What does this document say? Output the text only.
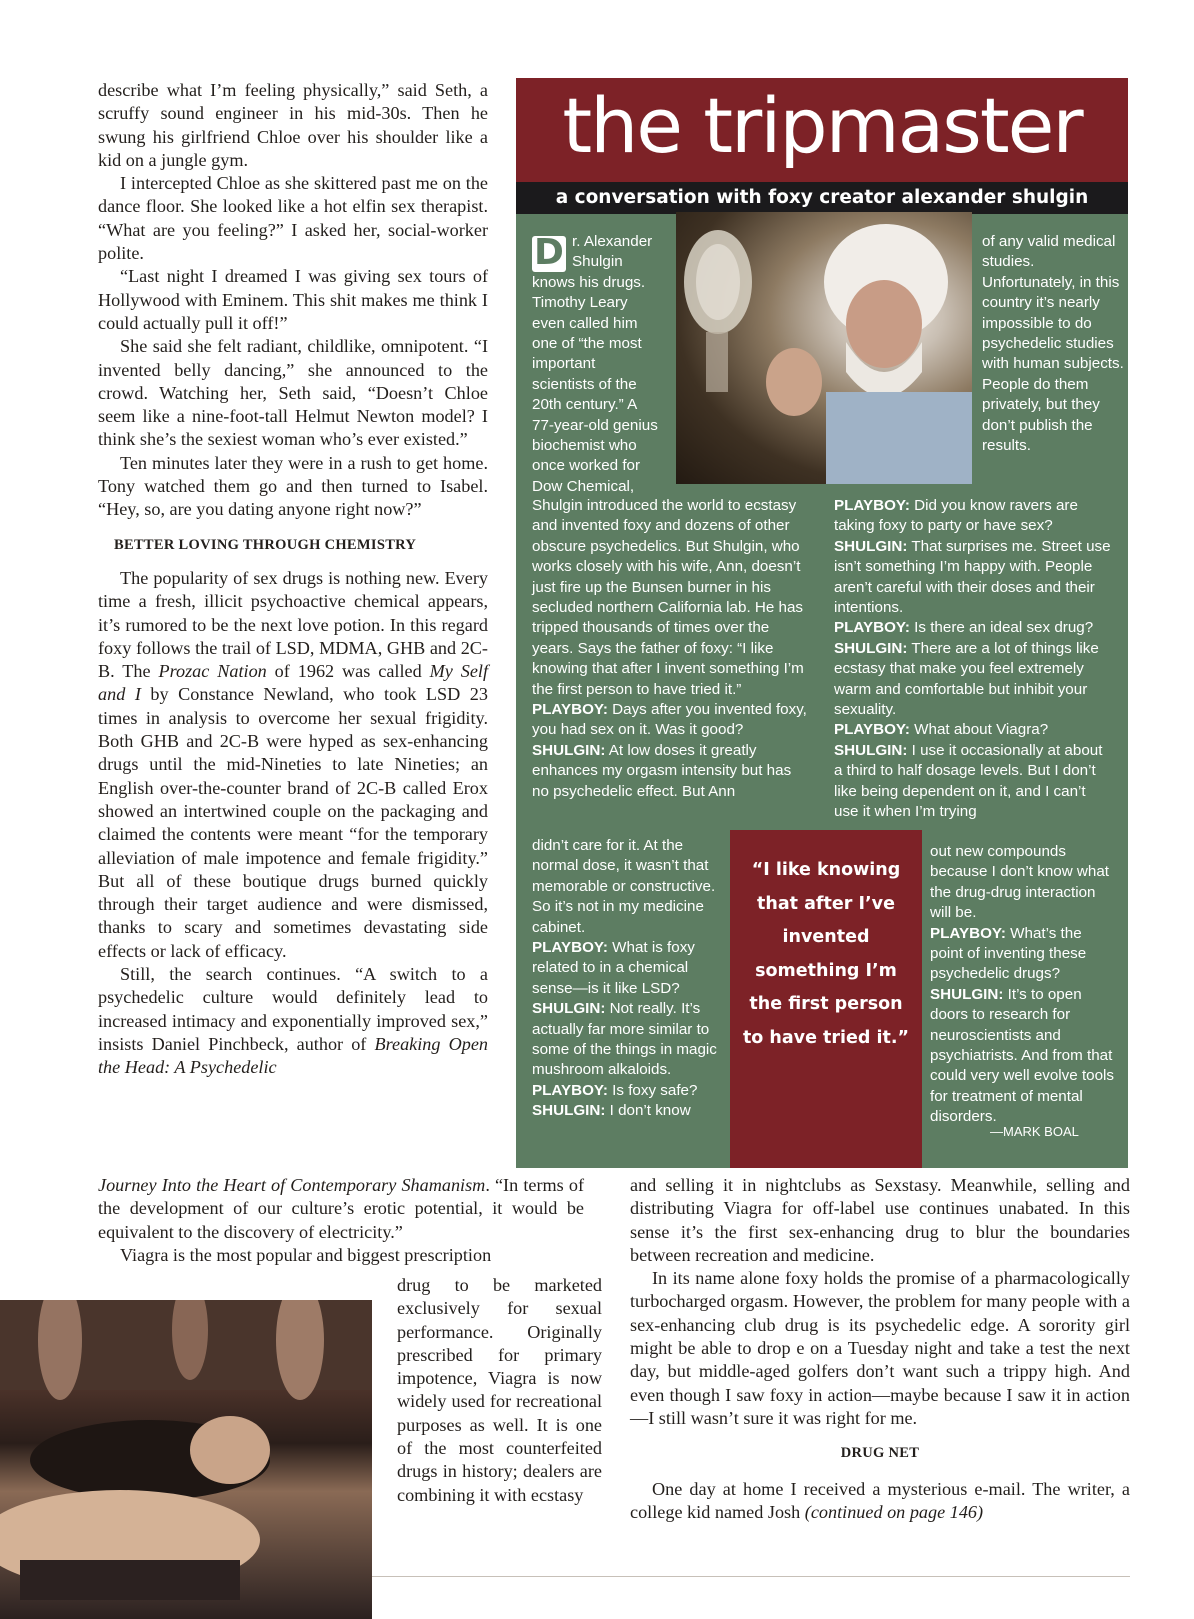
describe what I’m feeling physically,” said Seth, a scruffy sound engineer in his mid-30s. Then he swung his girlfriend Chloe over his shoulder like a kid on a jungle gym.

I intercepted Chloe as she skittered past me on the dance floor. She looked like a hot elfin sex therapist. “What are you feeling?” I asked her, social-worker polite.

“Last night I dreamed I was giving sex tours of Hollywood with Eminem. This shit makes me think I could actually pull it off!”

She said she felt radiant, childlike, omnipotent. “I invented belly dancing,” she announced to the crowd. Watching her, Seth said, “Doesn’t Chloe seem like a nine-foot-tall Helmut Newton model? I think she’s the sexiest woman who’s ever existed.”

Ten minutes later they were in a rush to get home. Tony watched them go and then turned to Isabel. “Hey, so, are you dating anyone right now?”

BETTER LOVING THROUGH CHEMISTRY

The popularity of sex drugs is nothing new. Every time a fresh, illicit psychoactive chemical appears, it’s rumored to be the next love potion. In this regard foxy follows the trail of LSD, MDMA, GHB and 2C-B. The Prozac Nation of 1962 was called My Self and I by Constance Newland, who took LSD 23 times in analysis to overcome her sexual frigidity. Both GHB and 2C-B were hyped as sex-enhancing drugs until the mid-Nineties to late Nineties; an English over-the-counter brand of 2C-B called Erox showed an intertwined couple on the packaging and claimed the contents were meant “for the temporary alleviation of male impotence and female frigidity.” But all of these boutique drugs burned quickly through their target audience and were dismissed, thanks to scary and sometimes devastating side effects or lack of efficacy.

Still, the search continues. “A switch to a psychedelic culture would definitely lead to increased intimacy and exponentially improved sex,” insists Daniel Pinchbeck, author of Breaking Open the Head: A Psychedelic

the tripmaster
a conversation with foxy creator alexander shulgin

D r. Alexander Shulgin knows his drugs. Timothy Leary even called him one of “the most important scientists of the 20th century.” A 77-year-old genius biochemist who once worked for Dow Chemical,

Shulgin introduced the world to ecstasy and invented foxy and dozens of other obscure psychedelics. But Shulgin, who works closely with his wife, Ann, doesn’t just fire up the Bunsen burner in his secluded northern California lab. He has tripped thousands of times over the years. Says the father of foxy: “I like knowing that after I invent something I’m the first person to have tried it.”

PLAYBOY: Days after you invented foxy, you had sex on it. Was it good?

SHULGIN: At low doses it greatly enhances my orgasm intensity but has no psychedelic effect. But Ann

didn’t care for it. At the normal dose, it wasn’t that memorable or constructive. So it’s not in my medicine cabinet.

PLAYBOY: What is foxy related to in a chemical sense—is it like LSD?

SHULGIN: Not really. It’s actually far more similar to some of the things in magic mushroom alkaloids.

PLAYBOY: Is foxy safe?

SHULGIN: I don’t know

“I like knowing that after I’ve invented something I’m the first person to have tried it.”

of any valid medical studies. Unfortunately, in this country it’s nearly impossible to do psychedelic studies with human subjects. People do them privately, but they don’t publish the results.

PLAYBOY: Did you know ravers are taking foxy to party or have sex?

SHULGIN: That surprises me. Street use isn’t something I’m happy with. People aren’t careful with their doses and their intentions.

PLAYBOY: Is there an ideal sex drug?

SHULGIN: There are a lot of things like ecstasy that make you feel extremely warm and comfortable but inhibit your sexuality.

PLAYBOY: What about Viagra?

SHULGIN: I use it occasionally at about a third to half dosage levels. But I don’t like being dependent on it, and I can’t use it when I’m trying

out new compounds because I don’t know what the drug-drug interaction will be.

PLAYBOY: What’s the point of inventing these psychedelic drugs?

SHULGIN: It’s to open doors to research for neuroscientists and psychiatrists. And from that could very well evolve tools for treatment of mental disorders.

—MARK BOAL

Journey Into the Heart of Contemporary Shamanism. “In terms of the development of our culture’s erotic potential, it would be equivalent to the discovery of electricity.”

Viagra is the most popular and biggest prescription

drug to be marketed exclusively for sexual performance. Originally prescribed for primary impotence, Viagra is now widely used for recreational purposes as well. It is one of the most counterfeited drugs in history; dealers are combining it with ecstasy

and selling it in nightclubs as Sexstasy. Meanwhile, selling and distributing Viagra for off-label use continues unabated. In this sense it’s the first sex-enhancing drug to blur the boundaries between recreation and medicine.

In its name alone foxy holds the promise of a pharmacologically turbocharged orgasm. However, the problem for many people with a sex-enhancing club drug is its psychedelic edge. A sorority girl might be able to drop e on a Tuesday night and take a test the next day, but middle-aged golfers don’t want such a trippy high. And even though I saw foxy in action—maybe because I saw it in action—I still wasn’t sure it was right for me.

DRUG NET

One day at home I received a mysterious e-mail. The writer, a college kid named Josh (continued on page 146)
